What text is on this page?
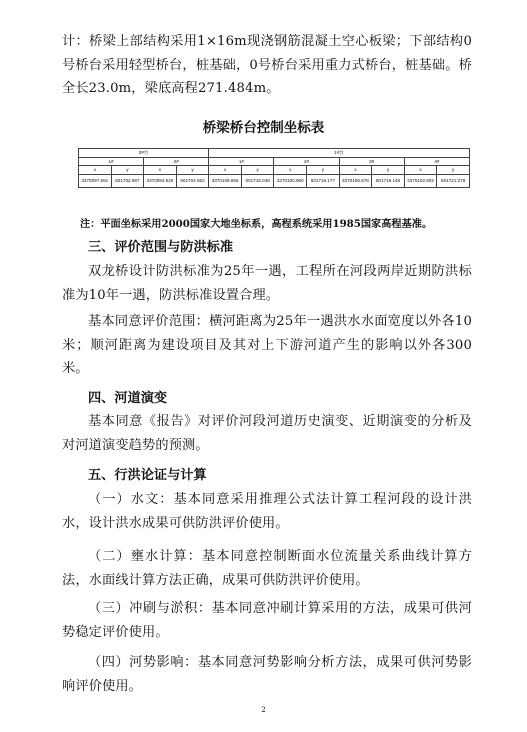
计：桥梁上部结构采用1×16m现浇钢筋混凝土空心板梁；下部结构0号桥台采用轻型桥台，桩基础，0号桥台采用重力式桥台，桩基础。桥全长23.0m，梁底高程271.484m。

桥梁桥台控制坐标表

0#台				1#台							
1#		2#		1#		2#		3#		4#	
x	y	x	y	x	y	x	y	x	y	x	y
3370097.551	601702.987	3370094.526	601704.562	3370105.656	601716.048	3370100.960	601718.177	3370106.678	601719.148	3370102.602	601721.279

注：平面坐标采用2000国家大地坐标系，高程系统采用1985国家高程基准。

三、评价范围与防洪标准

双龙桥设计防洪标准为25年一遇，工程所在河段两岸近期防洪标准为10年一遇，防洪标准设置合理。

基本同意评价范围：横河距离为25年一遇洪水水面宽度以外各10米；顺河距离为建设项目及其对上下游河道产生的影响以外各300米。

四、河道演变

基本同意《报告》对评价河段河道历史演变、近期演变的分析及对河道演变趋势的预测。

五、行洪论证与计算

（一）水文：基本同意采用推理公式法计算工程河段的设计洪水，设计洪水成果可供防洪评价使用。

（二）壅水计算：基本同意控制断面水位流量关系曲线计算方法，水面线计算方法正确，成果可供防洪评价使用。

（三）冲刷与淤积：基本同意冲刷计算采用的方法，成果可供河势稳定评价使用。

（四）河势影响：基本同意河势影响分析方法，成果可供河势影响评价使用。

2
